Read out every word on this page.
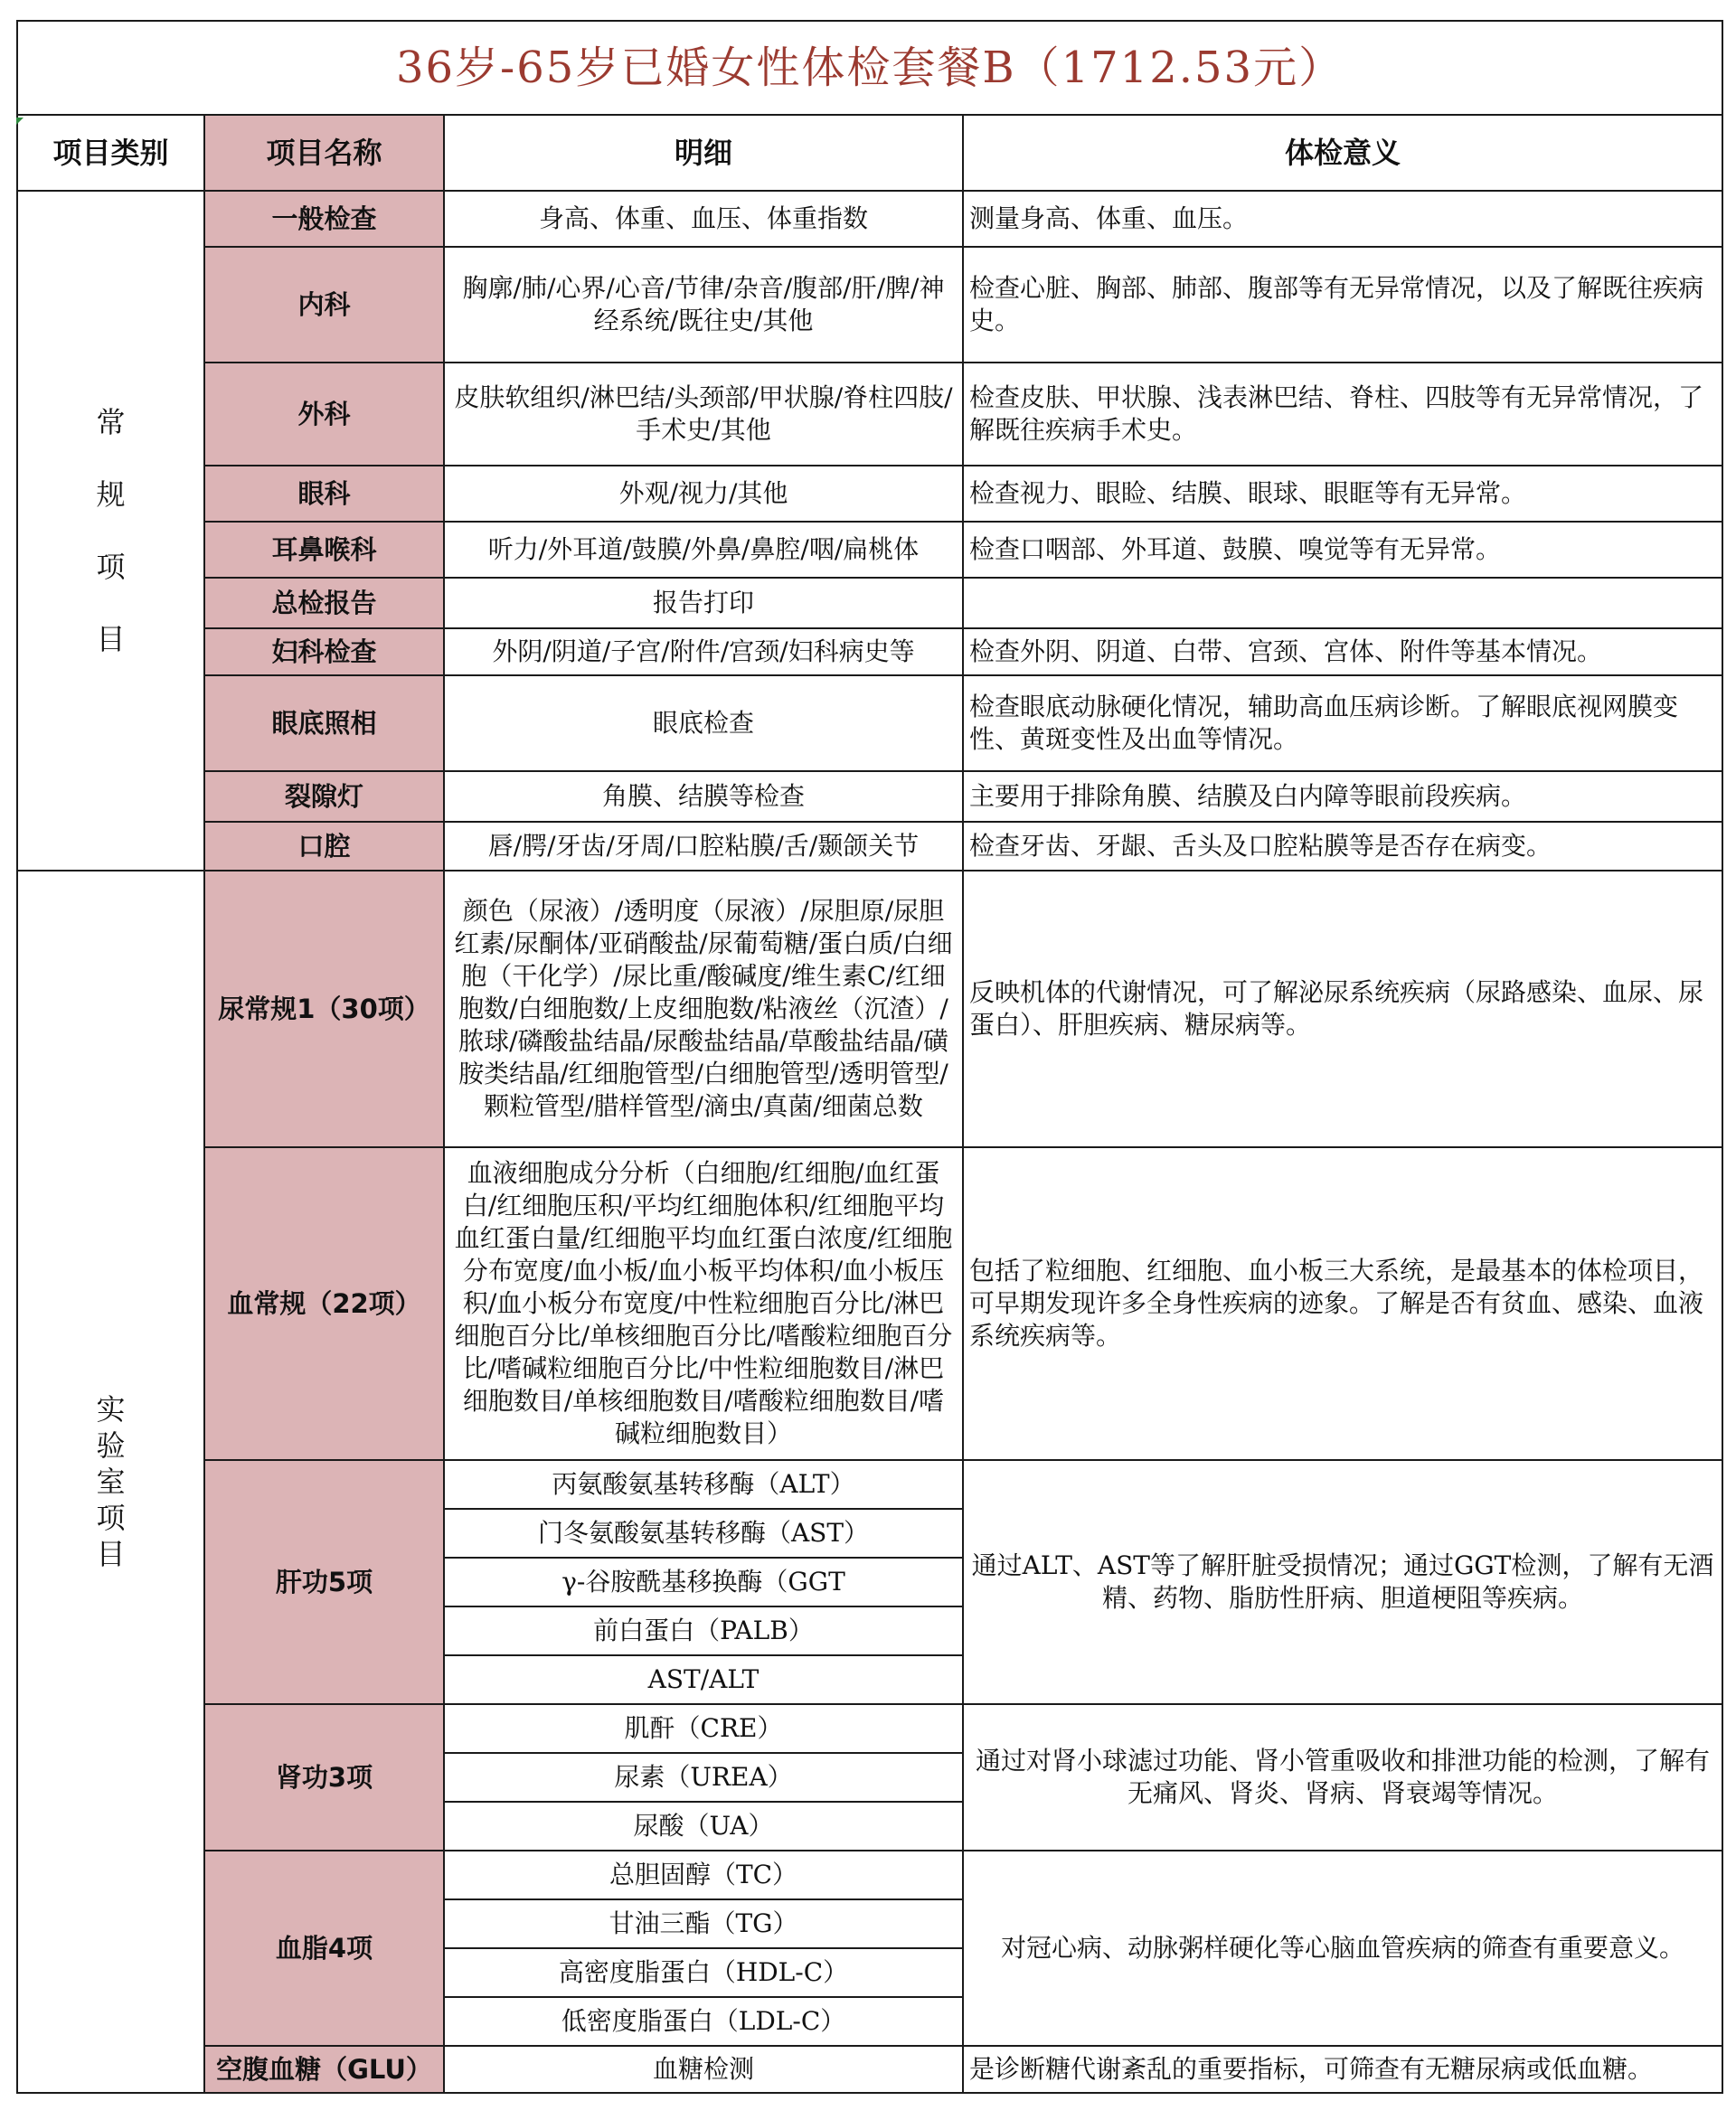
36岁-65岁已婚女性体检套餐B（1712.53元）			
项目类别	项目名称	明细	体检意义

常

规

项

目	一般检查	身高、体重、血压、体重指数	测量身高、体重、血压。
	内科	胸廓/肺/心界/心音/节律/杂音/腹部/肝/脾/神经系统/既往史/其他	检查心脏、胸部、肺部、腹部等有无异常情况，以及了解既往疾病史。
	外科	皮肤软组织/淋巴结/头颈部/甲状腺/脊柱四肢/手术史/其他	检查皮肤、甲状腺、浅表淋巴结、脊柱、四肢等有无异常情况，了解既往疾病手术史。
	眼科	外观/视力/其他	检查视力、眼睑、结膜、眼球、眼眶等有无异常。
	耳鼻喉科	听力/外耳道/鼓膜/外鼻/鼻腔/咽/扁桃体	检查口咽部、外耳道、鼓膜、嗅觉等有无异常。
	总检报告	报告打印	
	妇科检查	外阴/阴道/子宫/附件/宫颈/妇科病史等	检查外阴、阴道、白带、宫颈、宫体、附件等基本情况。
	眼底照相	眼底检查	检查眼底动脉硬化情况，辅助高血压病诊断。了解眼底视网膜变性、黄斑变性及出血等情况。
	裂隙灯	角膜、结膜等检查	主要用于排除角膜、结膜及白内障等眼前段疾病。
	口腔	唇/腭/牙齿/牙周/口腔粘膜/舌/颞颌关节	检查牙齿、牙龈、舌头及口腔粘膜等是否存在病变。

实
验
室
项
目	尿常规1（30项）	颜色（尿液）/透明度（尿液）/尿胆原/尿胆红素/尿酮体/亚硝酸盐/尿葡萄糖/蛋白质/白细胞（干化学）/尿比重/酸碱度/维生素C/红细胞数/白细胞数/上皮细胞数/粘液丝（沉渣）/脓球/磷酸盐结晶/尿酸盐结晶/草酸盐结晶/磺胺类结晶/红细胞管型/白细胞管型/透明管型/颗粒管型/腊样管型/滴虫/真菌/细菌总数	反映机体的代谢情况，可了解泌尿系统疾病（尿路感染、血尿、尿蛋白）、肝胆疾病、糖尿病等。
	血常规（22项）	血液细胞成分分析（白细胞/红细胞/血红蛋白/红细胞压积/平均红细胞体积/红细胞平均血红蛋白量/红细胞平均血红蛋白浓度/红细胞分布宽度/血小板/血小板平均体积/血小板压积/血小板分布宽度/中性粒细胞百分比/淋巴细胞百分比/单核细胞百分比/嗜酸粒细胞百分比/嗜碱粒细胞百分比/中性粒细胞数目/淋巴细胞数目/单核细胞数目/嗜酸粒细胞数目/嗜碱粒细胞数目）	包括了粒细胞、红细胞、血小板三大系统，是最基本的体检项目，可早期发现许多全身性疾病的迹象。了解是否有贫血、感染、血液系统疾病等。
	肝功5项	丙氨酸氨基转移酶（ALT）	通过ALT、AST等了解肝脏受损情况；通过GGT检测，了解有无酒精、药物、脂肪性肝病、胆道梗阻等疾病。
		门冬氨酸氨基转移酶（AST）	
		γ-谷胺酰基移换酶（GGT	
		前白蛋白（PALB）	
		AST/ALT	
	肾功3项	肌酐（CRE）	通过对肾小球滤过功能、肾小管重吸收和排泄功能的检测，了解有无痛风、肾炎、肾病、肾衰竭等情况。
		尿素（UREA）	
		尿酸（UA）	
	血脂4项	总胆固醇（TC）	对冠心病、动脉粥样硬化等心脑血管疾病的筛查有重要意义。
		甘油三酯（TG）	
		高密度脂蛋白（HDL-C）	
		低密度脂蛋白（LDL-C）	
	空腹血糖（GLU）	血糖检测	是诊断糖代谢紊乱的重要指标，可筛查有无糖尿病或低血糖。
